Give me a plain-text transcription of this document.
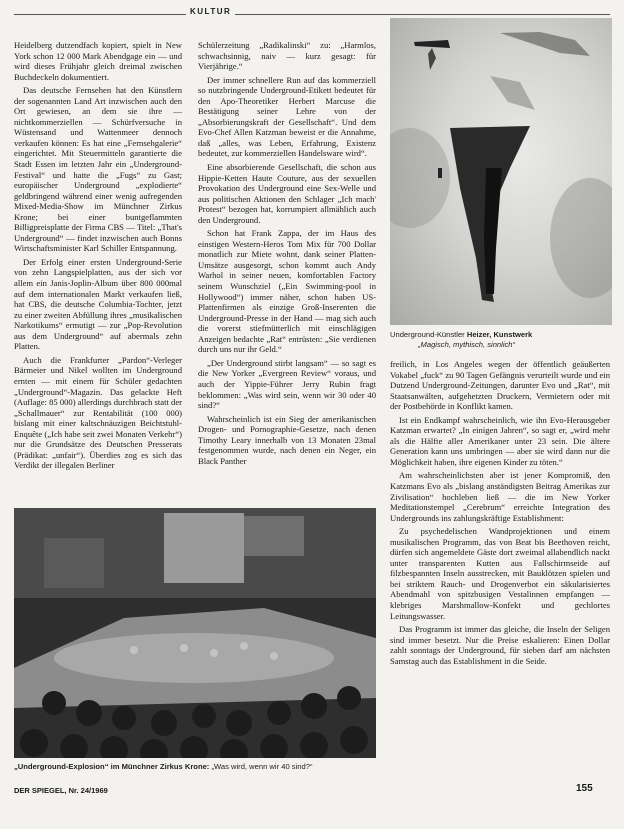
KULTUR

Heidelberg dutzendfach kopiert, spielt in New York schon 12 000 Mark Abendgage ein — und wird dieses Frühjahr gleich dreimal zwischen Buchdeckeln dokumentiert.

Das deutsche Fernsehen hat den Künstlern der sogenannten Land Art inzwischen auch den Ort gewiesen, an dem sie ihre — nichtkommerziellen — Schürfversuche in Wüstensand und Wattenmeer dennoch verkaufen können: Es hat eine „Fernsehgalerie“ eingerichtet. Mit Steuermitteln garantierte die Stadt Essen im letzten Jahr ein „Underground-Festival“ und hatte die „Fugs“ zu Gast; europäischer Underground „explodierte“ geldbringend während einer wenig aufregenden Mixed-Media-Show im Münchner Zirkus Krone; bei einer buntgeflammten Billigpreisplatte der Firma CBS — Titel: „That's Underground“ — findet inzwischen auch Bonns Wirtschaftsminister Karl Schiller Entspannung.

Der Erfolg einer ersten Underground-Serie von zehn Langspielplatten, aus der sich vor allem ein Janis-Joplin-Album über 800 000mal auf dem internationalen Markt verkaufen ließ, hat CBS, die deutsche Columbia-Tochter, jetzt zu einer zweiten Abfüllung ihres „musikalischen Narkotikums“ ermutigt — zur „Pop-Revolution aus dem Underground“ auf abermals zehn Platten.

Auch die Frankfurter „Pardon“-Verleger Bärmeier und Nikel wollten im Underground ernten — mit einem für Schüler gedachten „Underground“-Magazin. Das gelackte Heft (Auflage: 85 000) allerdings durchbrach statt der „Schallmauer“ zur Rentabilität (100 000) bislang mit einer kaltschnäuzigen Beichtstuhl-Enquête („Ich habe seit zwei Monaten Verkehr“) nur die Grundsätze des Deutschen Presserats (Prädikat: „unfair“). Überdies zog es sich das Verdikt der illegalen Berliner

Schülerzeitung „Radikalinski“ zu: „Harmlos, schwachsinnig, naiv — kurz gesagt: für Vierjährige.“

Der immer schnellere Run auf das kommerziell so nutzbringende Underground-Etikett bedeutet für den Apo-Theoretiker Herbert Marcuse die Bestätigung seiner Lehre von der „Absorbierungskraft der Gesellschaft“. Und dem Evo-Chef Allen Katzman beweist er die Annahme, daß „alles, was Leben, Erfahrung, Existenz bedeutet, zur kommerziellen Handelsware wird“.

Eine absorbierende Gesellschaft, die schon aus Hippie-Ketten Haute Couture, aus der sexuellen Provokation des Underground eine Sex-Welle und aus politischen Aktionen den Schlager „Ich mach' Protest“ bezogen hat, korrumpiert allmählich auch den Underground.

Schon hat Frank Zappa, der im Haus des einstigen Western-Heros Tom Mix für 700 Dollar monatlich zur Miete wohnt, dank seiner Platten-Umsätze ausgesorgt, schon kommt auch Andy Warhol in seiner neuen, komfortablen Factory seinem Wunschziel („Ein Swimming-pool in Hollywood“) immer näher, schon haben US-Plattenfirmen als einzige Groß-Inserenten die Underground-Presse in der Hand — mag sich auch die vorerst stiefmütterlich mit einschlägigen Anzeigen bedachte „Rat“ entrüsten: „Sie verdienen durch uns nur ihr Geld.“

„Der Underground stirbt langsam“ — so sagt es die New Yorker „Evergreen Review“ voraus, und auch der Yippie-Führer Jerry Rubin fragt beklommen: „Was wird sein, wenn wir 30 oder 40 sind?“

Wahrscheinlich ist ein Sieg der amerikanischen Drogen- und Pornographie-Gesetze, nach denen Timothy Leary innerhalb von 13 Monaten 23mal festgenommen wurde, nach denen ein Neger, ein Black Panther

Underground-Künstler Heizer, Kunstwerk
„Magisch, mythisch, sinnlich“

freilich, in Los Angeles wegen der öffentlich geäußerten Vokabel „fuck“ zu 90 Tagen Gefängnis verurteilt wurde und ein Dutzend Underground-Zeitungen, darunter Evo und „Rat“, mit Staatsanwälten, aufgehetzten Druckern, Vermietern oder mit der Postbehörde in Konflikt kamen.

Ist ein Endkampf wahrscheinlich, wie ihn Evo-Herausgeber Katzman erwartet? „In einigen Jahren“, so sagt er, „wird mehr als die Hälfte aller Amerikaner unter 23 sein. Die ältere Generation kann uns umbringen — aber sie wird dann nur die Möglichkeit haben, ihre eigenen Kinder zu töten.“

Am wahrscheinlichsten aber ist jener Kompromiß, den Katzmans Evo als „bislang anständigsten Beitrag Amerikas zur Zivilisation“ hochleben ließ — die im New Yorker Meditationstempel „Cerebrum“ erreichte Integration des Undergrounds ins zahlungskräftige Establishment:

Zu psychedelischen Wandprojektionen und einem musikalischen Programm, das von Beat bis Beethoven reicht, dürfen sich angemeldete Gäste dort zweimal allabendlich nackt unter transparenten Kutten aus Fallschirmseide auf filzbespannten Inseln ausstrecken, mit Bauklötzen spielen und bei striktem Rauch- und Drogenverbot ein säkularisiertes Abendmahl von spitzbusigen Vestalinnen empfangen — klebriges Marshmallow-Konfekt und gechlortes Leitungswasser.

Das Programm ist immer das gleiche, die Inseln der Seligen sind immer besetzt. Nur die Preise eskalieren: Einen Dollar zahlt sonntags der Underground, für sieben darf am nächsten Samstag auch das Establishment in die Seide.

„Underground-Explosion“ im Münchner Zirkus Krone: „Was wird, wenn wir 40 sind?“
DER SPIEGEL, Nr. 24/1969	155
